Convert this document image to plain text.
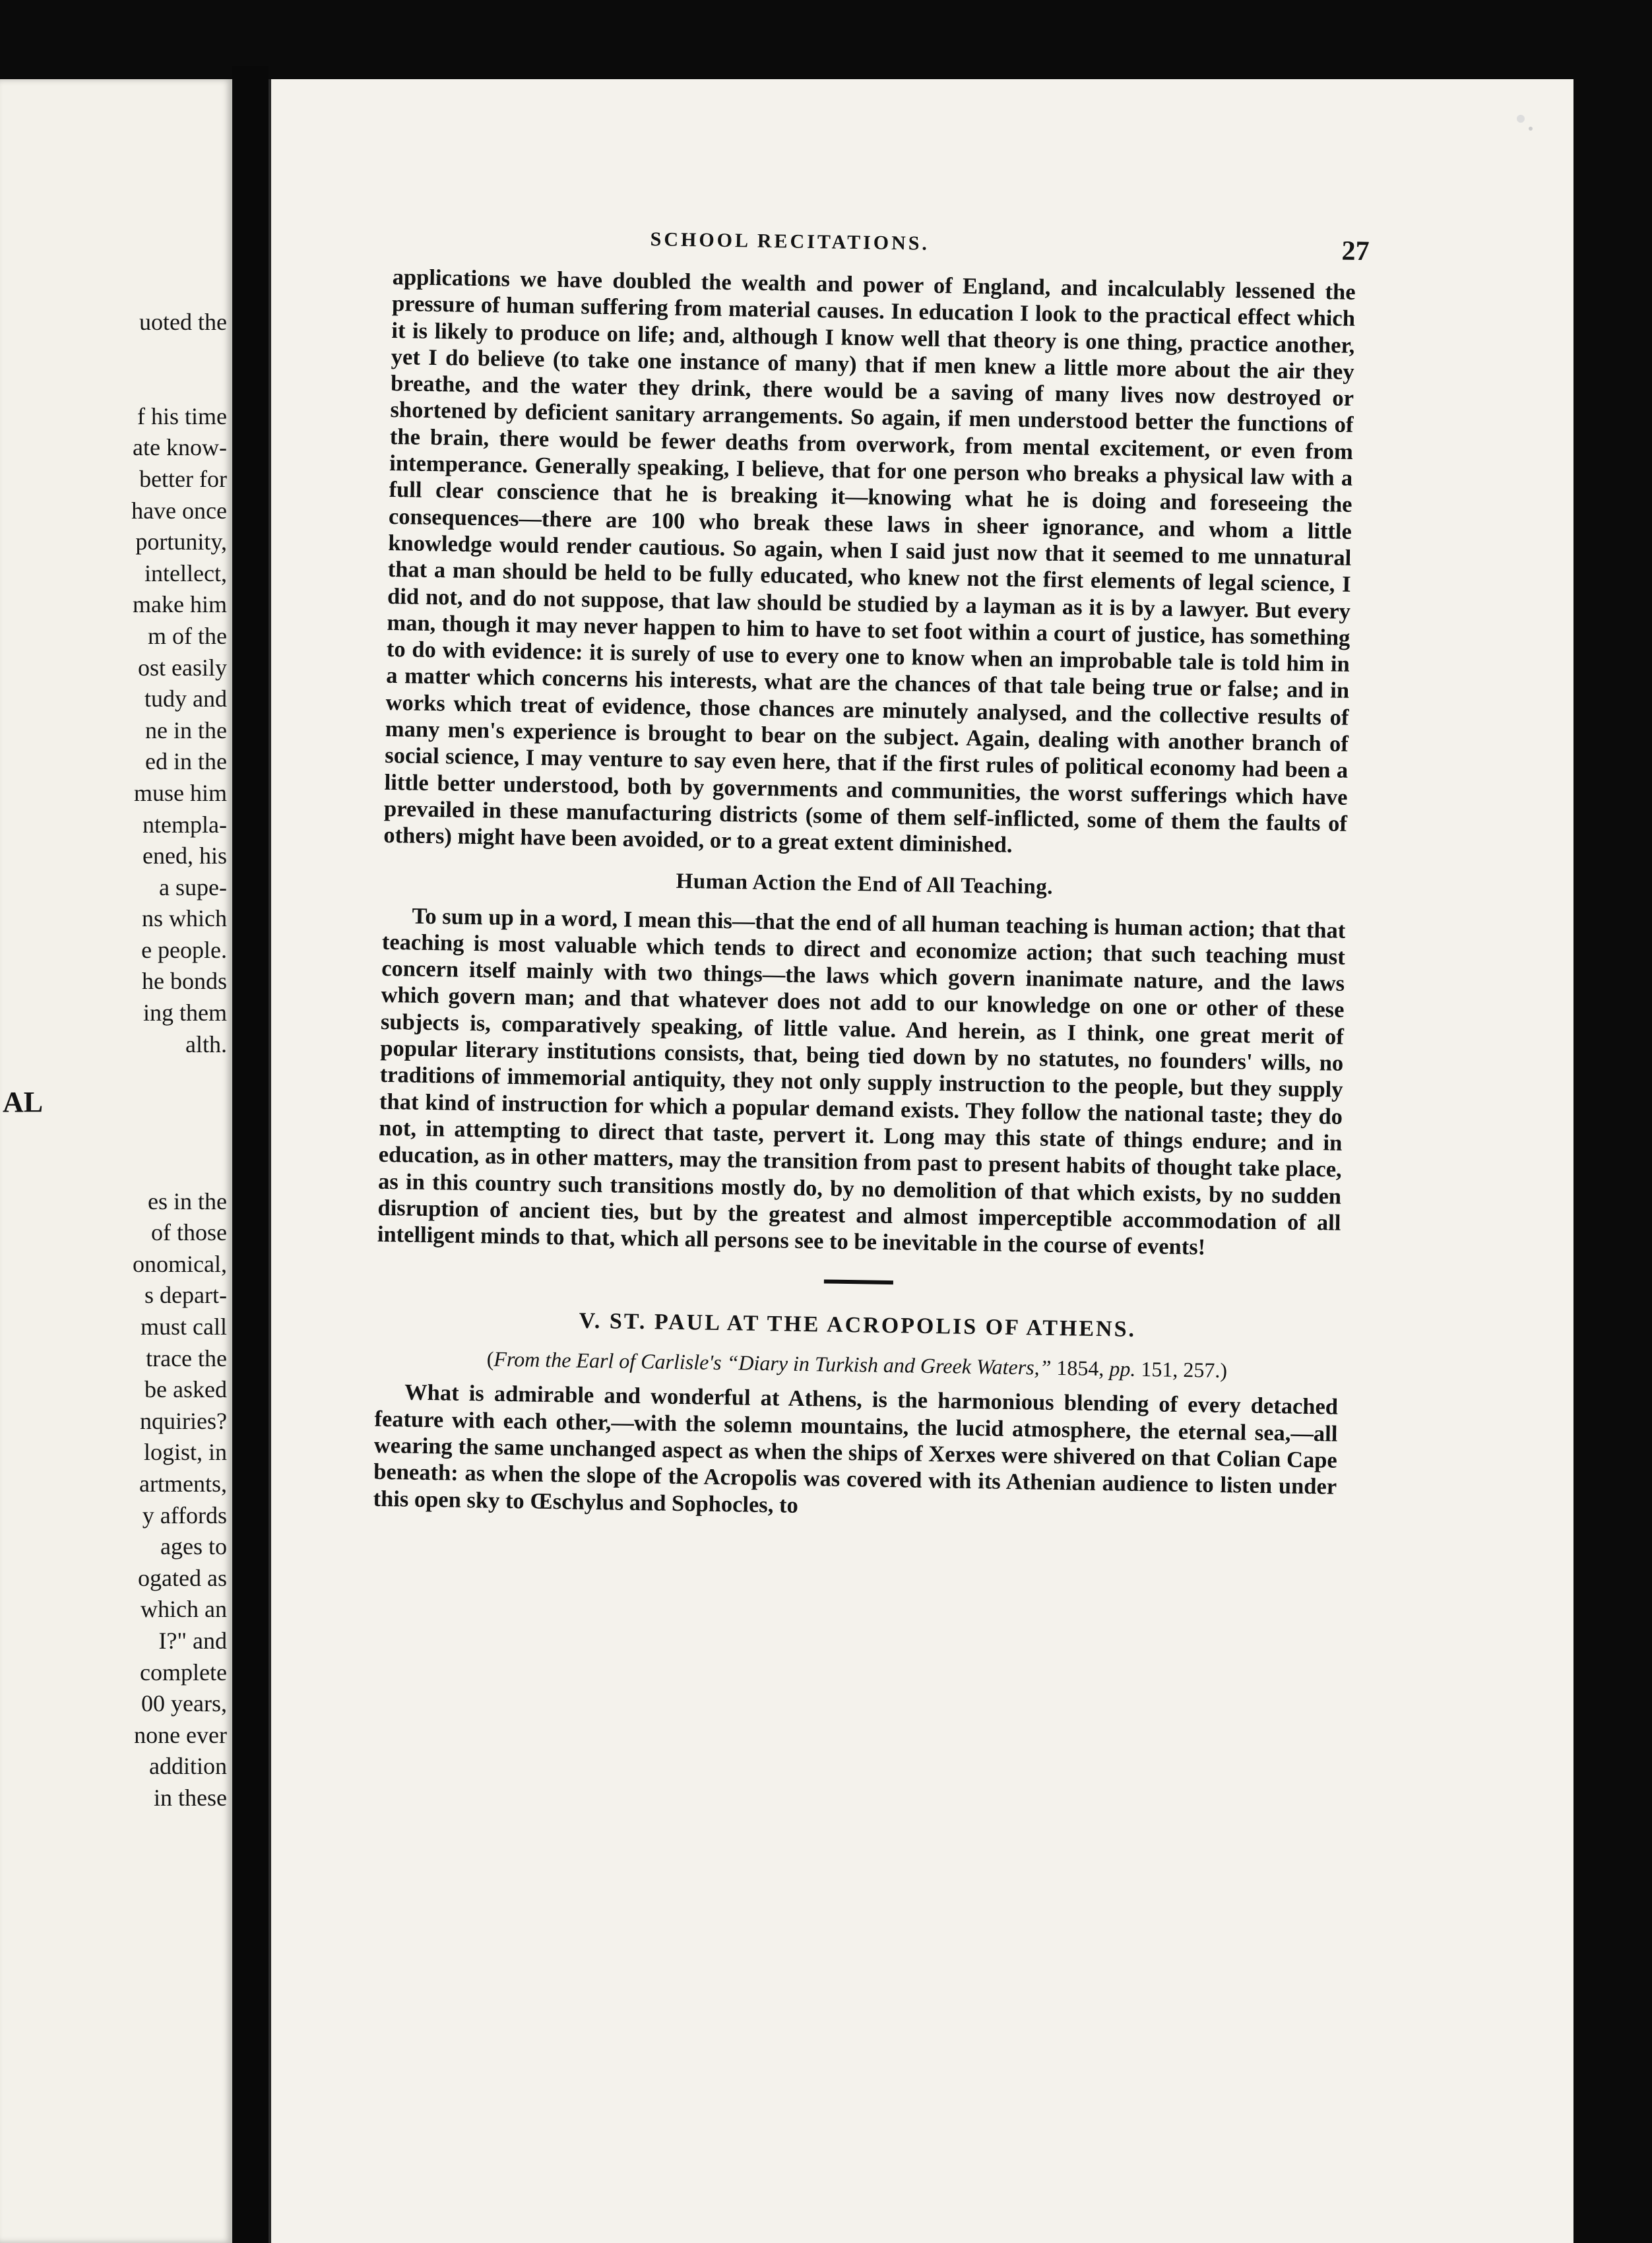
uoted the

f his time
ate know-
better for
have once
portunity,
intellect,
make him
m of the
ost easily
tudy and
ne in the
ed in the
muse him
ntempla-
ened, his
a supe-
ns which
e people.
he bonds
ing them
alth.

es in the
of those
onomical,
s depart-
must call
trace the
be asked
nquiries?
logist, in
artments,
y affords
ages to
ogated as
which an
I?" and
complete
00 years,
none ever
addition
in these
AL
SCHOOL RECITATIONS.	27

applications we have doubled the wealth and power of England, and incalculably lessened the pressure of human suffering from material causes. In education I look to the practical effect which it is likely to produce on life; and, although I know well that theory is one thing, practice another, yet I do believe (to take one instance of many) that if men knew a little more about the air they breathe, and the water they drink, there would be a saving of many lives now destroyed or shortened by deficient sanitary arrangements. So again, if men understood better the functions of the brain, there would be fewer deaths from overwork, from mental excitement, or even from intemperance. Generally speaking, I believe, that for one person who breaks a physical law with a full clear conscience that he is breaking it—knowing what he is doing and foreseeing the consequences—there are 100 who break these laws in sheer ignorance, and whom a little knowledge would render cautious. So again, when I said just now that it seemed to me unnatural that a man should be held to be fully educated, who knew not the first elements of legal science, I did not, and do not suppose, that law should be studied by a layman as it is by a lawyer. But every man, though it may never happen to him to have to set foot within a court of justice, has something to do with evidence: it is surely of use to every one to know when an improbable tale is told him in a matter which concerns his interests, what are the chances of that tale being true or false; and in works which treat of evidence, those chances are minutely analysed, and the collective results of many men's experience is brought to bear on the subject. Again, dealing with another branch of social science, I may venture to say even here, that if the first rules of political economy had been a little better understood, both by governments and communities, the worst sufferings which have prevailed in these manufacturing districts (some of them self-inflicted, some of them the faults of others) might have been avoided, or to a great extent diminished.

Human Action the End of All Teaching.

To sum up in a word, I mean this—that the end of all human teaching is human action; that that teaching is most valuable which tends to direct and economize action; that such teaching must concern itself mainly with two things—the laws which govern inanimate nature, and the laws which govern man; and that whatever does not add to our knowledge on one or other of these subjects is, comparatively speaking, of little value. And herein, as I think, one great merit of popular literary institutions consists, that, being tied down by no statutes, no founders' wills, no traditions of immemorial antiquity, they not only supply instruction to the people, but they supply that kind of instruction for which a popular demand exists. They follow the national taste; they do not, in attempting to direct that taste, pervert it. Long may this state of things endure; and in education, as in other matters, may the transition from past to present habits of thought take place, as in this country such transitions mostly do, by no demolition of that which exists, by no sudden disruption of ancient ties, but by the greatest and almost imperceptible accommodation of all intelligent minds to that, which all persons see to be inevitable in the course of events!

V. ST. PAUL AT THE ACROPOLIS OF ATHENS.
(From the Earl of Carlisle's “Diary in Turkish and Greek Waters,” 1854, pp. 151, 257.)

What is admirable and wonderful at Athens, is the harmonious blending of every detached feature with each other,—with the solemn mountains, the lucid atmosphere, the eternal sea,—all wearing the same unchanged aspect as when the ships of Xerxes were shivered on that Colian Cape beneath: as when the slope of the Acropolis was covered with its Athenian audience to listen under this open sky to Œschylus and Sophocles, to
